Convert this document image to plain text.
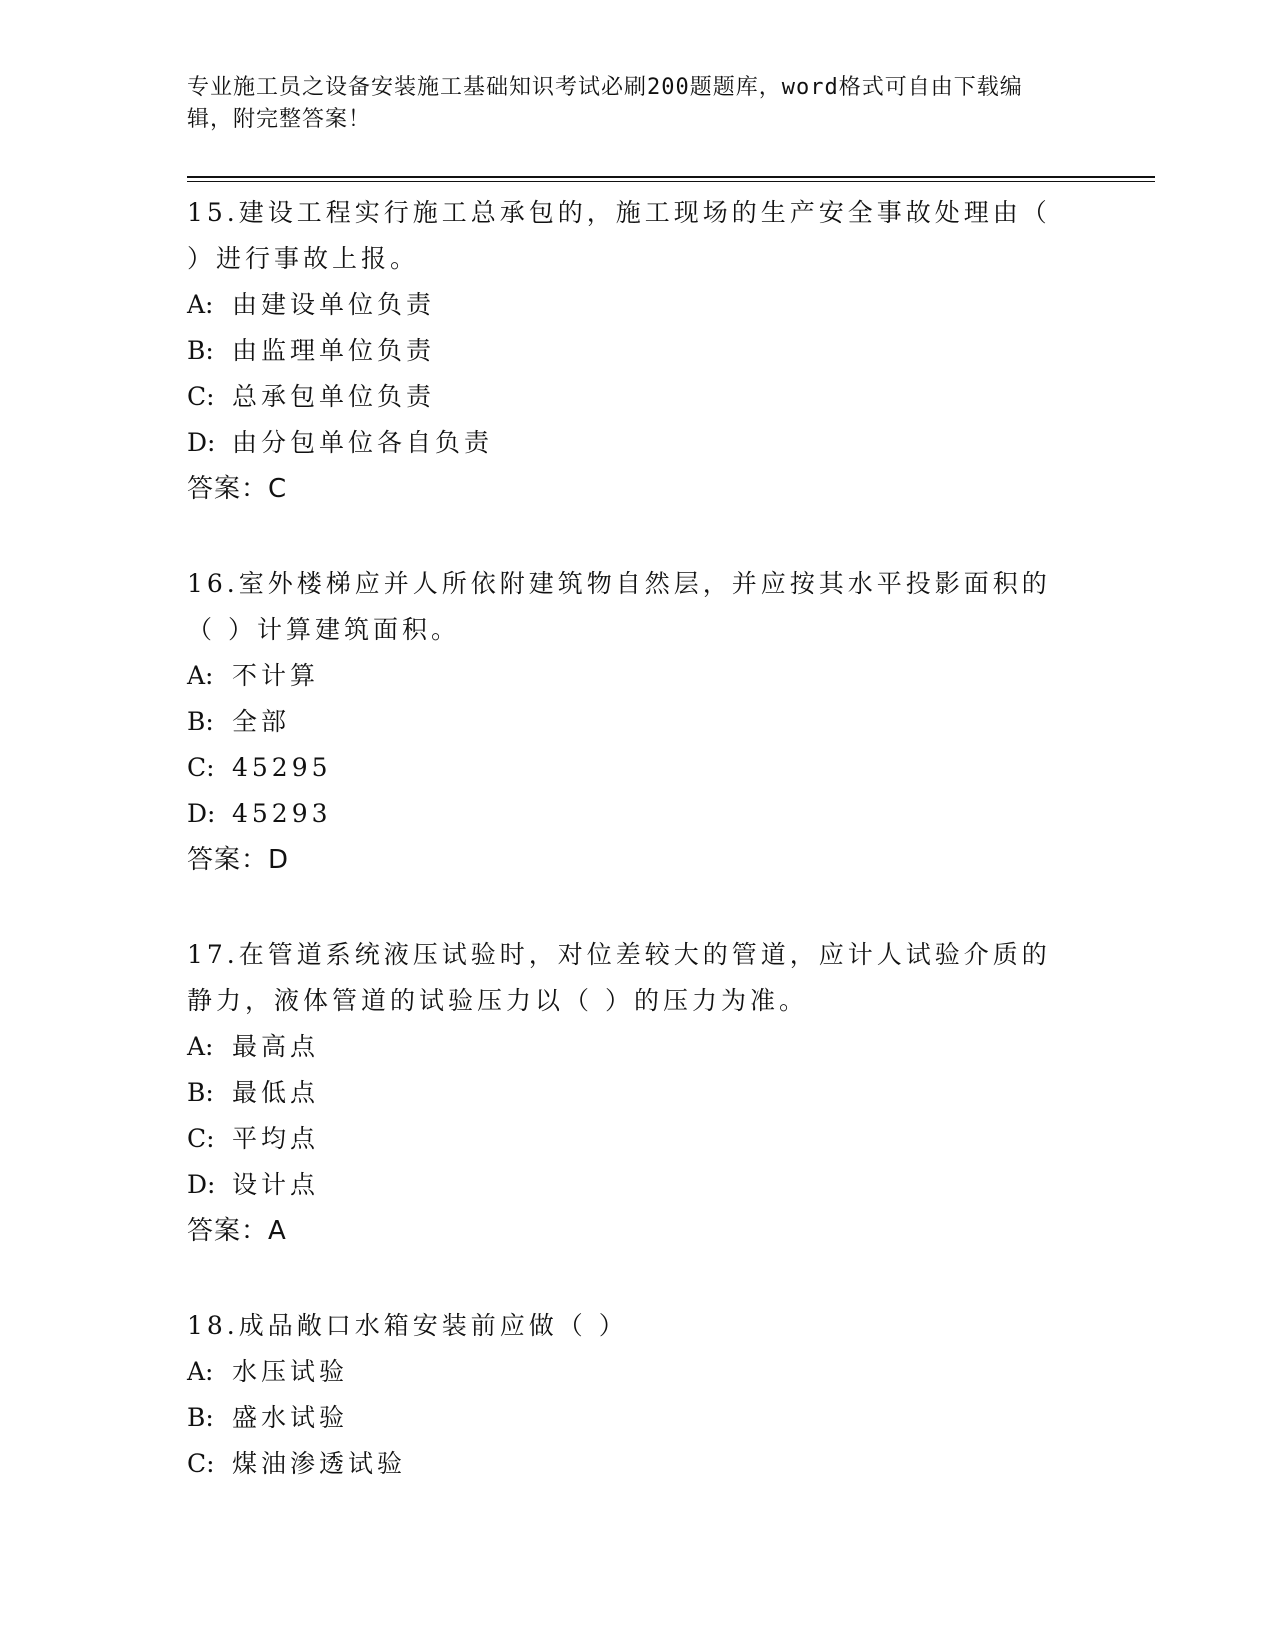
专业施工员之设备安装施工基础知识考试必刷200题题库，word格式可自由下载编辑，附完整答案！
15.建设工程实行施工总承包的，施工现场的生产安全事故处理由（ ）进行事故上报。
A: 由建设单位负责
B: 由监理单位负责
C: 总承包单位负责
D: 由分包单位各自负责
答案：C
16.室外楼梯应并人所依附建筑物自然层，并应按其水平投影面积的（ ）计算建筑面积。
A: 不计算
B: 全部
C: 45295
D: 45293
答案：D
17.在管道系统液压试验时，对位差较大的管道，应计人试验介质的静力，液体管道的试验压力以（ ）的压力为准。
A: 最高点
B: 最低点
C: 平均点
D: 设计点
答案：A
18.成品敞口水箱安装前应做（ ）
A: 水压试验
B: 盛水试验
C: 煤油渗透试验
